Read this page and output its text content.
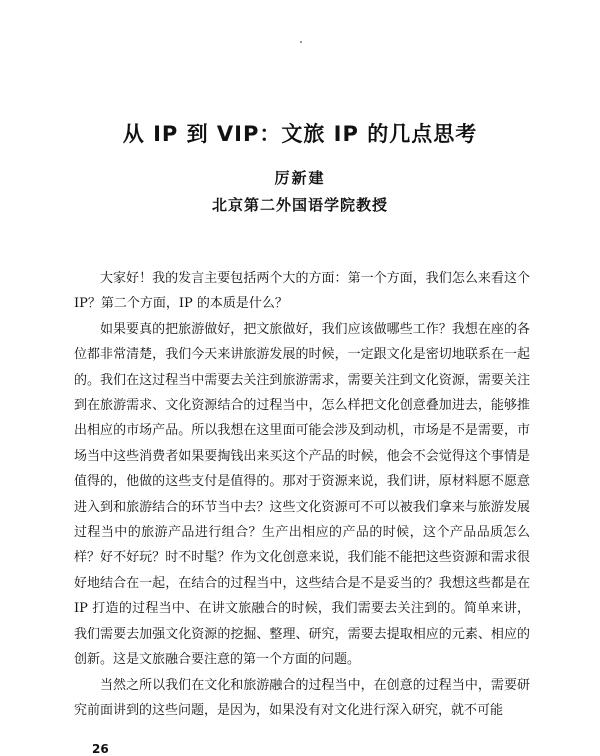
从 IP 到 VIP：文旅 IP 的几点思考
厉新建
北京第二外国语学院教授

大家好！我的发言主要包括两个大的方面：第一个方面，我们怎么来看这个 IP？第二个方面，IP 的本质是什么？

如果要真的把旅游做好，把文旅做好，我们应该做哪些工作？我想在座的各位都非常清楚，我们今天来讲旅游发展的时候，一定跟文化是密切地联系在一起的。我们在这过程当中需要去关注到旅游需求，需要关注到文化资源，需要关注到在旅游需求、文化资源结合的过程当中，怎么样把文化创意叠加进去，能够推出相应的市场产品。所以我想在这里面可能会涉及到动机，市场是不是需要，市场当中这些消费者如果要掏钱出来买这个产品的时候，他会不会觉得这个事情是值得的，他做的这些支付是值得的。那对于资源来说，我们讲，原材料愿不愿意进入到和旅游结合的环节当中去？这些文化资源可不可以被我们拿来与旅游发展过程当中的旅游产品进行组合？生产出相应的产品的时候，这个产品品质怎么样？好不好玩？时不时髦？作为文化创意来说，我们能不能把这些资源和需求很好地结合在一起，在结合的过程当中，这些结合是不是妥当的？我想这些都是在 IP 打造的过程当中、在讲文旅融合的时候，我们需要去关注到的。简单来讲，我们需要去加强文化资源的挖掘、整理、研究，需要去提取相应的元素、相应的创新。这是文旅融合要注意的第一个方面的问题。

当然之所以我们在文化和旅游融合的过程当中，在创意的过程当中，需要研究前面讲到的这些问题，是因为，如果没有对文化进行深入研究，就不可能

26
